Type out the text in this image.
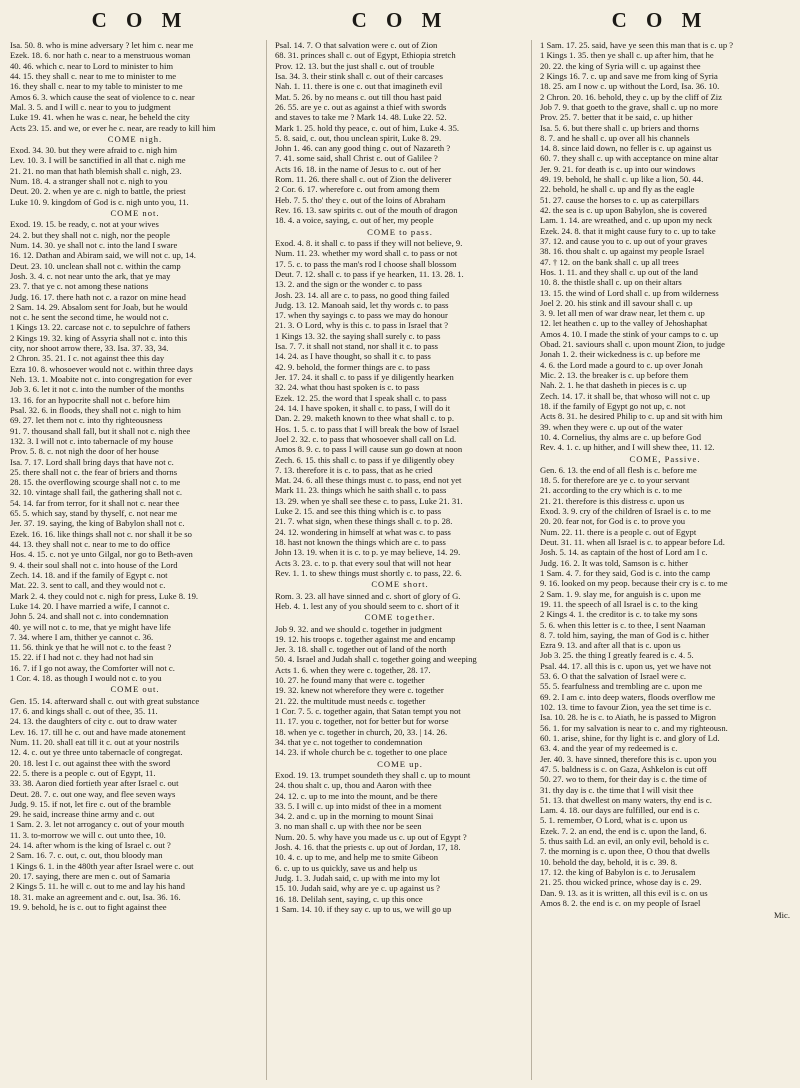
C O M	C O M	C O M

Isa. 50. 8. who is mine adversary ? let him c. near me

Ezek. 18. 6. nor hath c. near to a menstruous woman

40. 46. which c. near to Lord to minister to him

44. 15. they shall c. near to me to minister to me

16. they shall c. near to my table to minister to me

Amos 6. 3. which cause the seat of violence to c. near

Mal. 3. 5. and I will c. near to you to judgment

Luke 19. 41. when he was c. near, he beheld the city

Acts 23. 15. and we, or ever he c. near, are ready to kill him

COME nigh.

Exod. 34. 30. but they were afraid to c. nigh him

Lev. 10. 3. I will be sanctified in all that c. nigh me

21. 21. no man that hath blemish shall c. nigh, 23.

Num. 18. 4. a stranger shall not c. nigh to you

Deut. 20. 2. when ye are c. nigh to battle, the priest

Luke 10. 9. kingdom of God is c. nigh unto you, 11.

COME not.

Exod. 19. 15. be ready, c. not at your wives

24. 2. but they shall not c. nigh, nor the people

Num. 14. 30. ye shall not c. into the land I sware

16. 12. Dathan and Abiram said, we will not c. up, 14.

Deut. 23. 10. unclean shall not c. within the camp

Josh. 3. 4. c. not near unto the ark, that ye may

23. 7. that ye c. not among these nations

Judg. 16. 17. there hath not c. a razor on mine head

2 Sam. 14. 29. Absalom sent for Joab, but he would

not c. he sent the second time, he would not c.

1 Kings 13. 22. carcase not c. to sepulchre of fathers

2 Kings 19. 32. king of Assyria shall not c. into this

city, nor shoot arrow there, 33. Isa. 37. 33, 34.

2 Chron. 35. 21. I c. not against thee this day

Ezra 10. 8. whosoever would not c. within three days

Neh. 13. 1. Moabite not c. into congregation for ever

Job 3. 6. let it not c. into the number of the months

13. 16. for an hypocrite shall not c. before him

Psal. 32. 6. in floods, they shall not c. nigh to him

69. 27. let them not c. into thy righteousness

91. 7. thousand shall fall, but it shall not c. nigh thee

132. 3. I will not c. into tabernacle of my house

Prov. 5. 8. c. not nigh the door of her house

Isa. 7. 17. Lord shall bring days that have not c.

25. there shall not c. the fear of briers and thorns

28. 15. the overflowing scourge shall not c. to me

32. 10. vintage shall fail, the gathering shall not c.

54. 14. far from terror, for it shall not c. near thee

65. 5. which say, stand by thyself, c. not near me

Jer. 37. 19. saying, the king of Babylon shall not c.

Ezek. 16. 16. like things shall not c. nor shall it be so

44. 13. they shall not c. near to me to do office

Hos. 4. 15. c. not ye unto Gilgal, nor go to Beth-aven

9. 4. their soul shall not c. into house of the Lord

Zech. 14. 18. and if the family of Egypt c. not

Mat. 22. 3. sent to call, and they would not c.

Mark 2. 4. they could not c. nigh for press, Luke 8. 19.

Luke 14. 20. I have married a wife, I cannot c.

John 5. 24. and shall not c. into condemnation

40. ye will not c. to me, that ye might have life

7. 34. where I am, thither ye cannot c. 36.

11. 56. think ye that he will not c. to the feast ?

15. 22. if I had not c. they had not had sin

16. 7. if I go not away, the Comforter will not c.

1 Cor. 4. 18. as though I would not c. to you

COME out.

Gen. 15. 14. afterward shall c. out with great substance

17. 6. and kings shall c. out of thee, 35. 11.

24. 13. the daughters of city c. out to draw water

Lev. 16. 17. till he c. out and have made atonement

Num. 11. 20. shall eat till it c. out at your nostrils

12. 4. c. out ye three unto tabernacle of congregat.

20. 18. lest I c. out against thee with the sword

22. 5. there is a people c. out of Egypt, 11.

33. 38. Aaron died fortieth year after Israel c. out

Deut. 28. 7. c. out one way, and flee seven ways

Judg. 9. 15. if not, let fire c. out of the bramble

29. he said, increase thine army and c. out

1 Sam. 2. 3. let not arrogancy c. out of your mouth

11. 3. to-morrow we will c. out unto thee, 10.

24. 14. after whom is the king of Israel c. out ?

2 Sam. 16. 7. c. out, c. out, thou bloody man

1 Kings 6. 1. in the 480th year after Israel were c. out

20. 17. saying, there are men c. out of Samaria

2 Kings 5. 11. he will c. out to me and lay his hand

18. 31. make an agreement and c. out, Isa. 36. 16.

19. 9. behold, he is c. out to fight against thee

Psal. 14. 7. O that salvation were c. out of Zion

68. 31. princes shall c. out of Egypt, Ethiopia stretch

Prov. 12. 13. but the just shall c. out of trouble

Isa. 34. 3. their stink shall c. out of their carcases

Nah. 1. 11. there is one c. out that imagineth evil

Mat. 5. 26. by no means c. out till thou hast paid

26. 55. are ye c. out as against a thief with swords

and staves to take me ? Mark 14. 48. Luke 22. 52.

Mark 1. 25. hold thy peace, c. out of him, Luke 4. 35.

5. 8. said, c. out, thou unclean spirit, Luke 8. 29.

John 1. 46. can any good thing c. out of Nazareth ?

7. 41. some said, shall Christ c. out of Galilee ?

Acts 16. 18. in the name of Jesus to c. out of her

Rom. 11. 26. there shall c. out of Zion the deliverer

2 Cor. 6. 17. wherefore c. out from among them

Heb. 7. 5. tho' they c. out of the loins of Abraham

Rev. 16. 13. saw spirits c. out of the mouth of dragon

18. 4. a voice, saying, c. out of her, my people

COME to pass.

Exod. 4. 8. it shall c. to pass if they will not believe, 9.

Num. 11. 23. whether my word shall c. to pass or not

17. 5. c. to pass the man's rod I choose shall blossom

Deut. 7. 12. shall c. to pass if ye hearken, 11. 13. 28. 1.

13. 2. and the sign or the wonder c. to pass

Josh. 23. 14. all are c. to pass, no good thing failed

Judg. 13. 12. Manoah said, let thy words c. to pass

17. when thy sayings c. to pass we may do honour

21. 3. O Lord, why is this c. to pass in Israel that ?

1 Kings 13. 32. the saying shall surely c. to pass

Isa. 7. 7. it shall not stand, nor shall it c. to pass

14. 24. as I have thought, so shall it c. to pass

42. 9. behold, the former things are c. to pass

Jer. 17. 24. it shall c. to pass if ye diligently hearken

32. 24. what thou hast spoken is c. to pass

Ezek. 12. 25. the word that I speak shall c. to pass

24. 14. I have spoken, it shall c. to pass, I will do it

Dan. 2. 29. maketh known to thee what shall c. to p.

Hos. 1. 5. c. to pass that I will break the bow of Israel

Joel 2. 32. c. to pass that whosoever shall call on Ld.

Amos 8. 9. c. to pass I will cause sun go down at noon

Zech. 6. 15. this shall c. to pass if ye diligently obey

7. 13. therefore it is c. to pass, that as he cried

Mat. 24. 6. all these things must c. to pass, end not yet

Mark 11. 23. things which he saith shall c. to pass

13. 29. when ye shall see these c. to pass, Luke 21. 31.

Luke 2. 15. and see this thing which is c. to pass

21. 7. what sign, when these things shall c. to p. 28.

24. 12. wondering in himself at what was c. to pass

18. hast not known the things which are c. to pass

John 13. 19. when it is c. to p. ye may believe, 14. 29.

Acts 3. 23. c. to p. that every soul that will not hear

Rev. 1. 1. to shew things must shortly c. to pass, 22. 6.

COME short.

Rom. 3. 23. all have sinned and c. short of glory of G.

Heb. 4. 1. lest any of you should seem to c. short of it

COME together.

Job 9. 32. and we should c. together in judgment

19. 12. his troops c. together against me and encamp

Jer. 3. 18. shall c. together out of land of the north

50. 4. Israel and Judah shall c. together going and weeping

Acts 1. 6. when they were c. together, 28. 17.

10. 27. he found many that were c. together

19. 32. knew not wherefore they were c. together

21. 22. the multitude must needs c. together

1 Cor. 7. 5. c. together again, that Satan tempt you not

11. 17. you c. together, not for better but for worse

18. when ye c. together in church, 20, 33. | 14. 26.

34. that ye c. not together to condemnation

14. 23. if whole church be c. together to one place

COME up.

Exod. 19. 13. trumpet soundeth they shall c. up to mount

24. thou shalt c. up, thou and Aaron with thee

24. 12. c. up to me into the mount, and be there

33. 5. I will c. up into midst of thee in a moment

34. 2. and c. up in the morning to mount Sinai

3. no man shall c. up with thee nor be seen

Num. 20. 5. why have you made us c. up out of Egypt ?

Josh. 4. 16. that the priests c. up out of Jordan, 17, 18.

10. 4. c. up to me, and help me to smite Gibeon

6. c. up to us quickly, save us and help us

Judg. 1. 3. Judah said, c. up with me into my lot

15. 10. Judah said, why are ye c. up against us ?

16. 18. Delilah sent, saying, c. up this once

1 Sam. 14. 10. if they say c. up to us, we will go up

1 Sam. 17. 25. said, have ye seen this man that is c. up ?

1 Kings 1. 35. then ye shall c. up after him, that he

20. 22. the king of Syria will c. up against thee

2 Kings 16. 7. c. up and save me from king of Syria

18. 25. am I now c. up without the Lord, Isa. 36. 10.

2 Chron. 20. 16. behold, they c. up by the cliff of Ziz

Job 7. 9. that goeth to the grave, shall c. up no more

Prov. 25. 7. better that it be said, c. up hither

Isa. 5. 6. but there shall c. up briers and thorns

8. 7. and he shall c. up over all his channels

14. 8. since laid down, no feller is c. up against us

60. 7. they shall c. up with acceptance on mine altar

Jer. 9. 21. for death is c. up into our windows

49. 19. behold, he shall c. up like a lion, 50. 44.

22. behold, he shall c. up and fly as the eagle

51. 27. cause the horses to c. up as caterpillars

42. the sea is c. up upon Babylon, she is covered

Lam. 1. 14. are wreathed, and c. up upon my neck

Ezek. 24. 8. that it might cause fury to c. up to take

37. 12. and cause you to c. up out of your graves

38. 16. thou shalt c. up against my people Israel

47. † 12. on the bank shall c. up all trees

Hos. 1. 11. and they shall c. up out of the land

10. 8. the thistle shall c. up on their altars

13. 15. the wind of Lord shall c. up from wilderness

Joel 2. 20. his stink and ill savour shall c. up

3. 9. let all men of war draw near, let them c. up

12. let heathen c. up to the valley of Jehoshaphat

Amos 4. 10. I made the stink of your camps to c. up

Obad. 21. saviours shall c. upon mount Zion, to judge

Jonah 1. 2. their wickedness is c. up before me

4. 6. the Lord made a gourd to c. up over Jonah

Mic. 2. 13. the breaker is c. up before them

Nah. 2. 1. he that dasheth in pieces is c. up

Zech. 14. 17. it shall be, that whoso will not c. up

18. if the family of Egypt go not up, c. not

Acts 8. 31. he desired Philip to c. up and sit with him

39. when they were c. up out of the water

10. 4. Cornelius, thy alms are c. up before God

Rev. 4. 1. c. up hither, and I will shew thee, 11. 12.

COME, Passive.

Gen. 6. 13. the end of all flesh is c. before me

18. 5. for therefore are ye c. to your servant

21. according to the cry which is c. to me

21. 21. therefore is this distress c. upon us

Exod. 3. 9. cry of the children of Israel is c. to me

20. 20. fear not, for God is c. to prove you

Num. 22. 11. there is a people c. out of Egypt

Deut. 31. 11. when all Israel is c. to appear before Ld.

Josh. 5. 14. as captain of the host of Lord am I c.

Judg. 16. 2. It was told, Samson is c. hither

1 Sam. 4. 7. for they said, God is c. into the camp

9. 16. looked on my peop. because their cry is c. to me

2 Sam. 1. 9. slay me, for anguish is c. upon me

19. 11. the speech of all Israel is c. to the king

2 Kings 4. 1. the creditor is c. to take my sons

5. 6. when this letter is c. to thee, I sent Naaman

8. 7. told him, saying, the man of God is c. hither

Ezra 9. 13. and after all that is c. upon us

Job 3. 25. the thing I greatly feared is c. 4. 5.

Psal. 44. 17. all this is c. upon us, yet we have not

53. 6. O that the salvation of Israel were c.

55. 5. fearfulness and trembling are c. upon me

69. 2. I am c. into deep waters, floods overflow me

102. 13. time to favour Zion, yea the set time is c.

Isa. 10. 28. he is c. to Aiath, he is passed to Migron

56. 1. for my salvation is near to c. and my righteousn.

60. 1. arise, shine, for thy light is c. and glory of Ld.

63. 4. and the year of my redeemed is c.

Jer. 40. 3. have sinned, therefore this is c. upon you

47. 5. baldness is c. on Gaza, Ashkelon is cut off

50. 27. wo to them, for their day is c. the time of

31. thy day is c. the time that I will visit thee

51. 13. that dwellest on many waters, thy end is c.

Lam. 4. 18. our days are fulfilled, our end is c.

5. 1. remember, O Lord, what is c. upon us

Ezek. 7. 2. an end, the end is c. upon the land, 6.

5. thus saith Ld. an evil, an only evil, behold is c.

7. the morning is c. upon thee, O thou that dwells

10. behold the day, behold, it is c. 39. 8.

17. 12. the king of Babylon is c. to Jerusalem

21. 25. thou wicked prince, whose day is c. 29.

Dan. 9. 13. as it is written, all this evil is c. on us

Amos 8. 2. the end is c. on my people of Israel

Mic.
